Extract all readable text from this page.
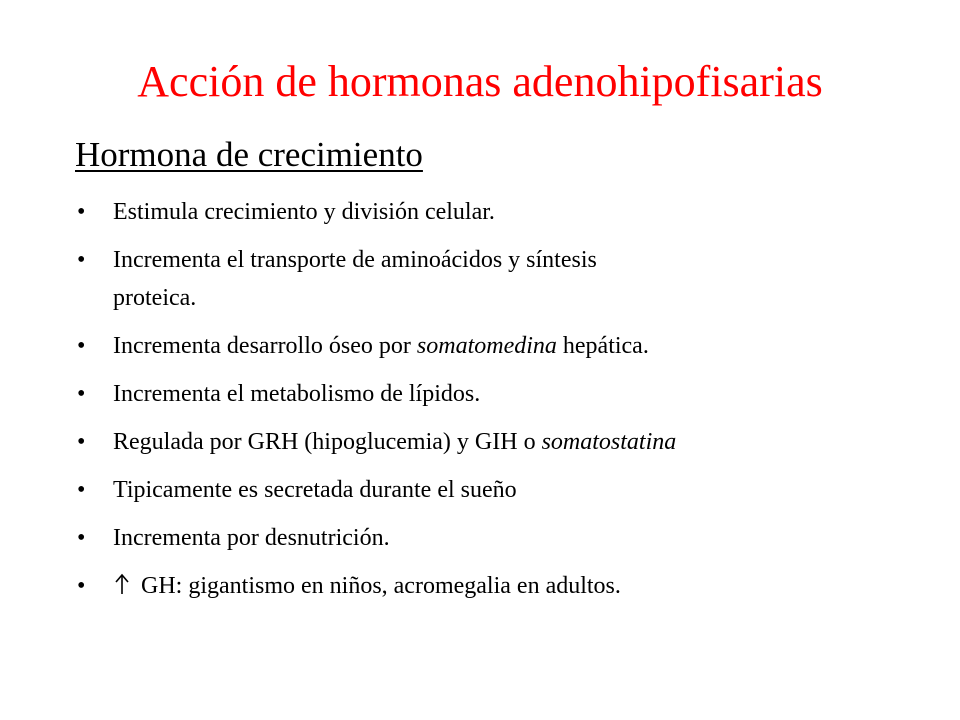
Acción de hormonas adenohipofisarias
Hormona de crecimiento
• Estimula crecimiento y división celular.
• Incrementa el transporte de aminoácidos y síntesis
proteica.
• Incrementa desarrollo óseo por somatomedina hepática.
• Incrementa el metabolismo de lípidos.
• Regulada por GRH (hipoglucemia) y GIH o somatostatina
• Tipicamente es secretada durante el sueño
• Incrementa por desnutrición.
• GH: gigantismo en niños, acromegalia en adultos.
